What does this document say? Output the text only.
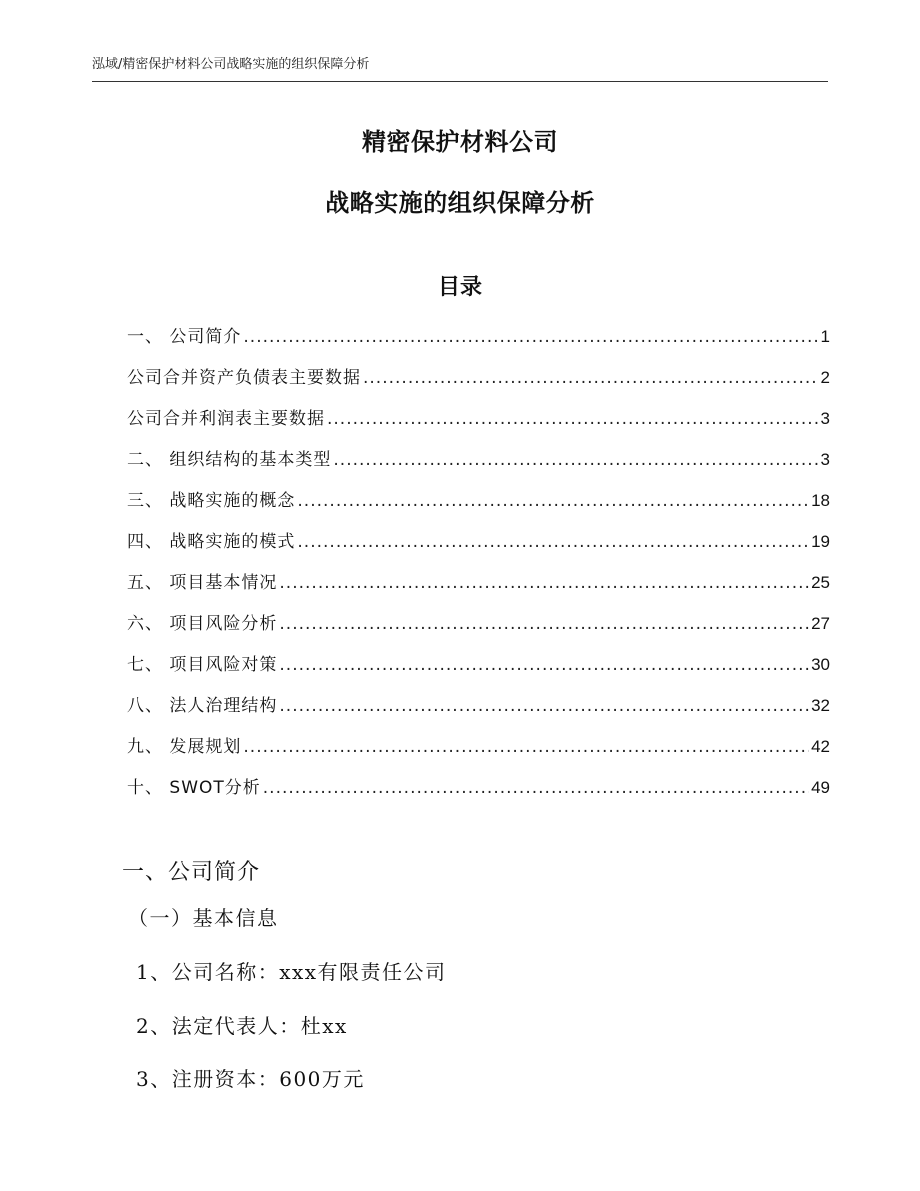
泓域/精密保护材料公司战略实施的组织保障分析
精密保护材料公司
战略实施的组织保障分析
目录
一、 公司简介 .....	1
公司合并资产负债表主要数据 .....	2
公司合并利润表主要数据 .....	3
二、 组织结构的基本类型 .....	3
三、 战略实施的概念 .....	18
四、 战略实施的模式 .....	19
五、 项目基本情况 .....	25
六、 项目风险分析 .....	27
七、 项目风险对策 .....	30
八、 法人治理结构 .....	32
九、 发展规划 .....	42
十、 SWOT分析 .....	49
一、公司简介
（一）基本信息
1、公司名称：xxx有限责任公司
2、法定代表人：杜xx
3、注册资本：600万元
